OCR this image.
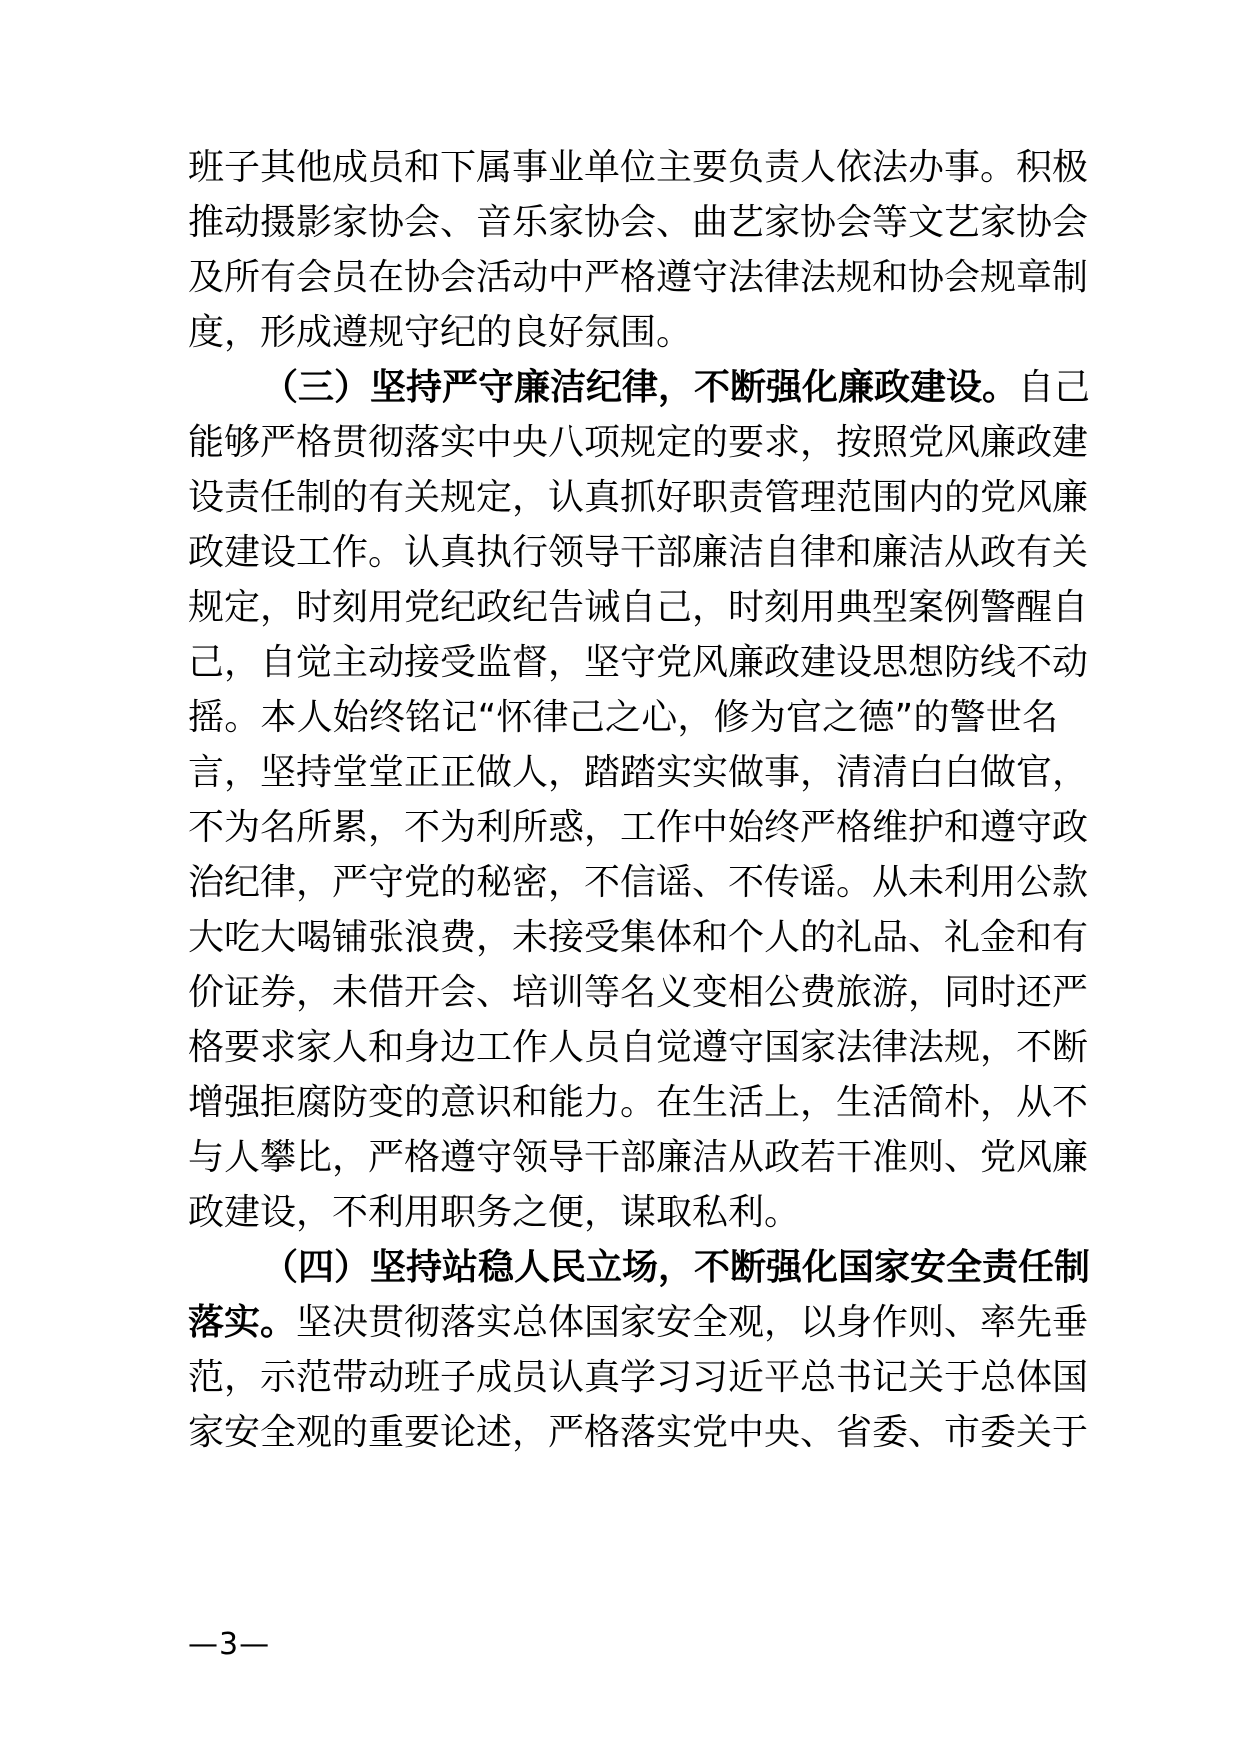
班子其他成员和下属事业单位主要负责人依法办事。积极
推动摄影家协会、音乐家协会、曲艺家协会等文艺家协会
及所有会员在协会活动中严格遵守法律法规和协会规章制
度，形成遵规守纪的良好氛围。
（三）坚持严守廉洁纪律，不断强化廉政建设。自己
能够严格贯彻落实中央八项规定的要求，按照党风廉政建
设责任制的有关规定，认真抓好职责管理范围内的党风廉
政建设工作。认真执行领导干部廉洁自律和廉洁从政有关
规定，时刻用党纪政纪告诫自己，时刻用典型案例警醒自
己，自觉主动接受监督，坚守党风廉政建设思想防线不动
摇。本人始终铭记“怀律己之心，修为官之德”的警世名
言，坚持堂堂正正做人，踏踏实实做事，清清白白做官，
不为名所累，不为利所惑，工作中始终严格维护和遵守政
治纪律，严守党的秘密，不信谣、不传谣。从未利用公款
大吃大喝铺张浪费，未接受集体和个人的礼品、礼金和有
价证券，未借开会、培训等名义变相公费旅游，同时还严
格要求家人和身边工作人员自觉遵守国家法律法规，不断
增强拒腐防变的意识和能力。在生活上，生活简朴，从不
与人攀比，严格遵守领导干部廉洁从政若干准则、党风廉
政建设，不利用职务之便，谋取私利。
（四）坚持站稳人民立场，不断强化国家安全责任制
落实。坚决贯彻落实总体国家安全观，以身作则、率先垂
范，示范带动班子成员认真学习习近平总书记关于总体国
家安全观的重要论述，严格落实党中央、省委、市委关于
—3—
